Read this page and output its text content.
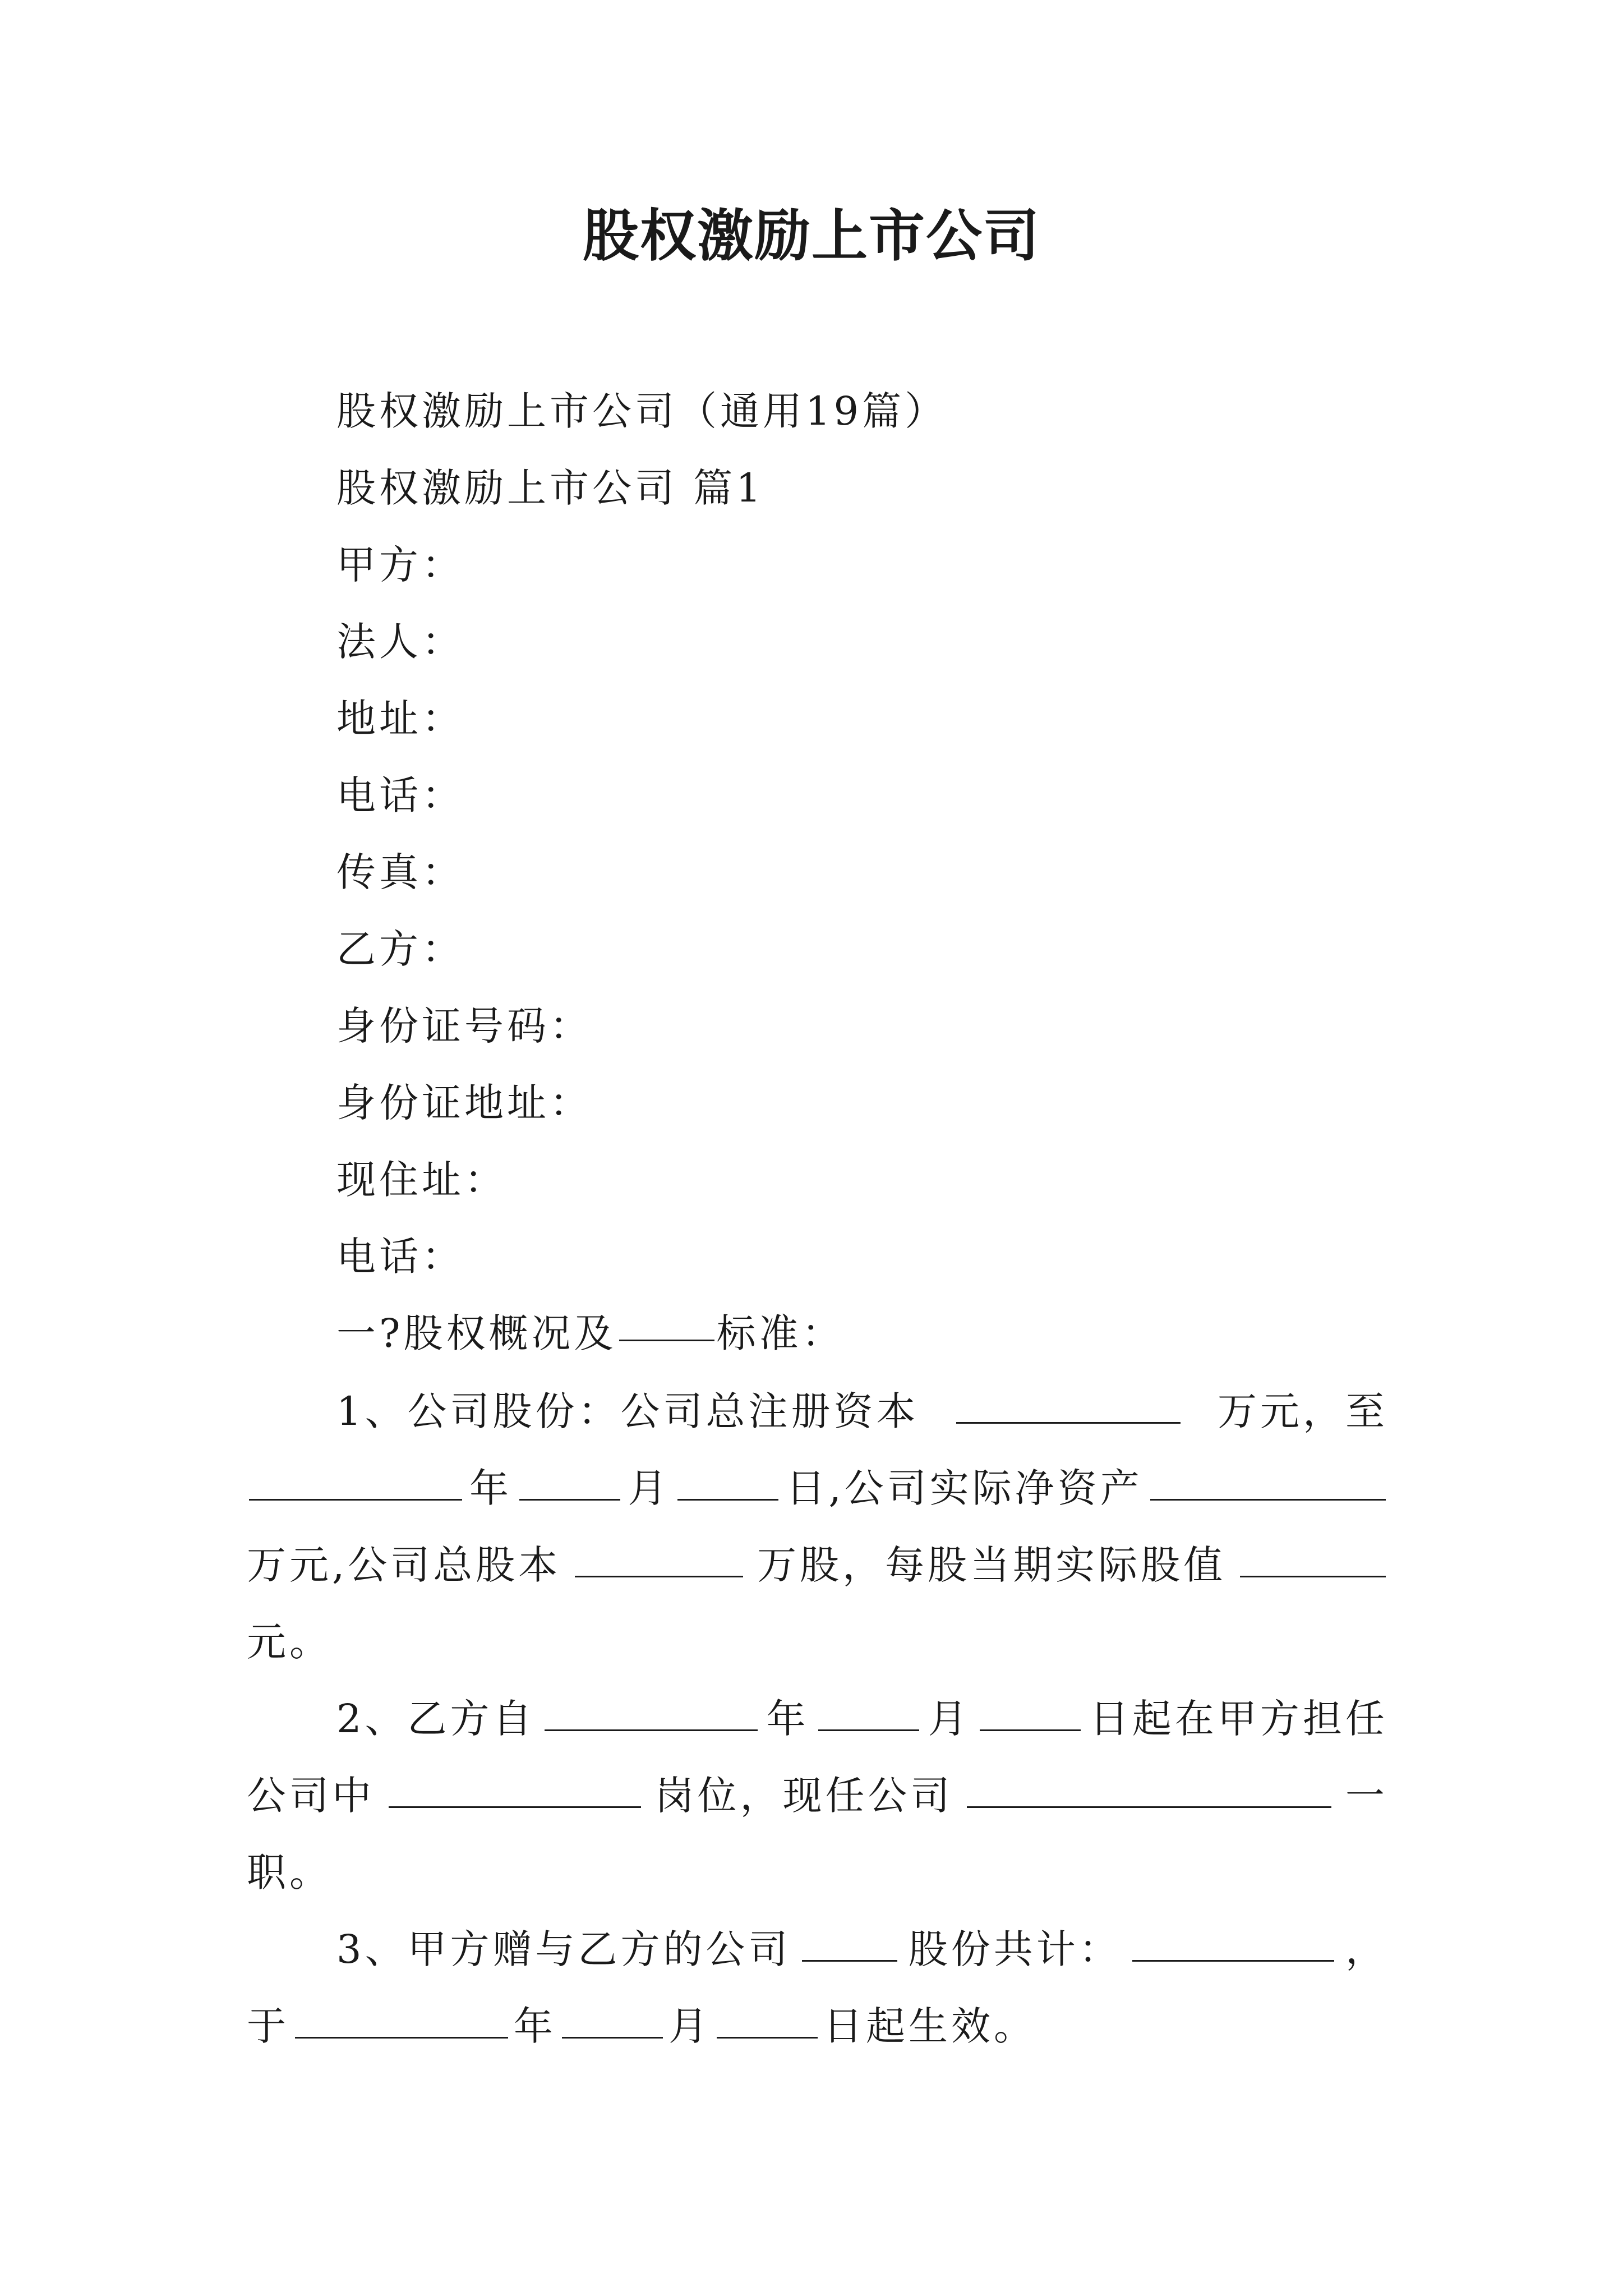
股权激励上市公司
股权激励上市公司（通用19篇）
股权激励上市公司 篇1
甲方：
法人：
地址：
电话：
传真：
乙方：
身份证号码：
身份证地址：
现住址：
电话：
一?股权概况及	标准：
1、公司股份：公司总注册资本	万元，至
年	月	日,公司实际净资产
万元,公司总股本	万股，每股当期实际股值
元。
2、乙方自	年	月	日起在甲方担任
公司中	岗位，现任公司	一
职。
3、甲方赠与乙方的公司	股份共计：	，
于	年	月	日起生效。
